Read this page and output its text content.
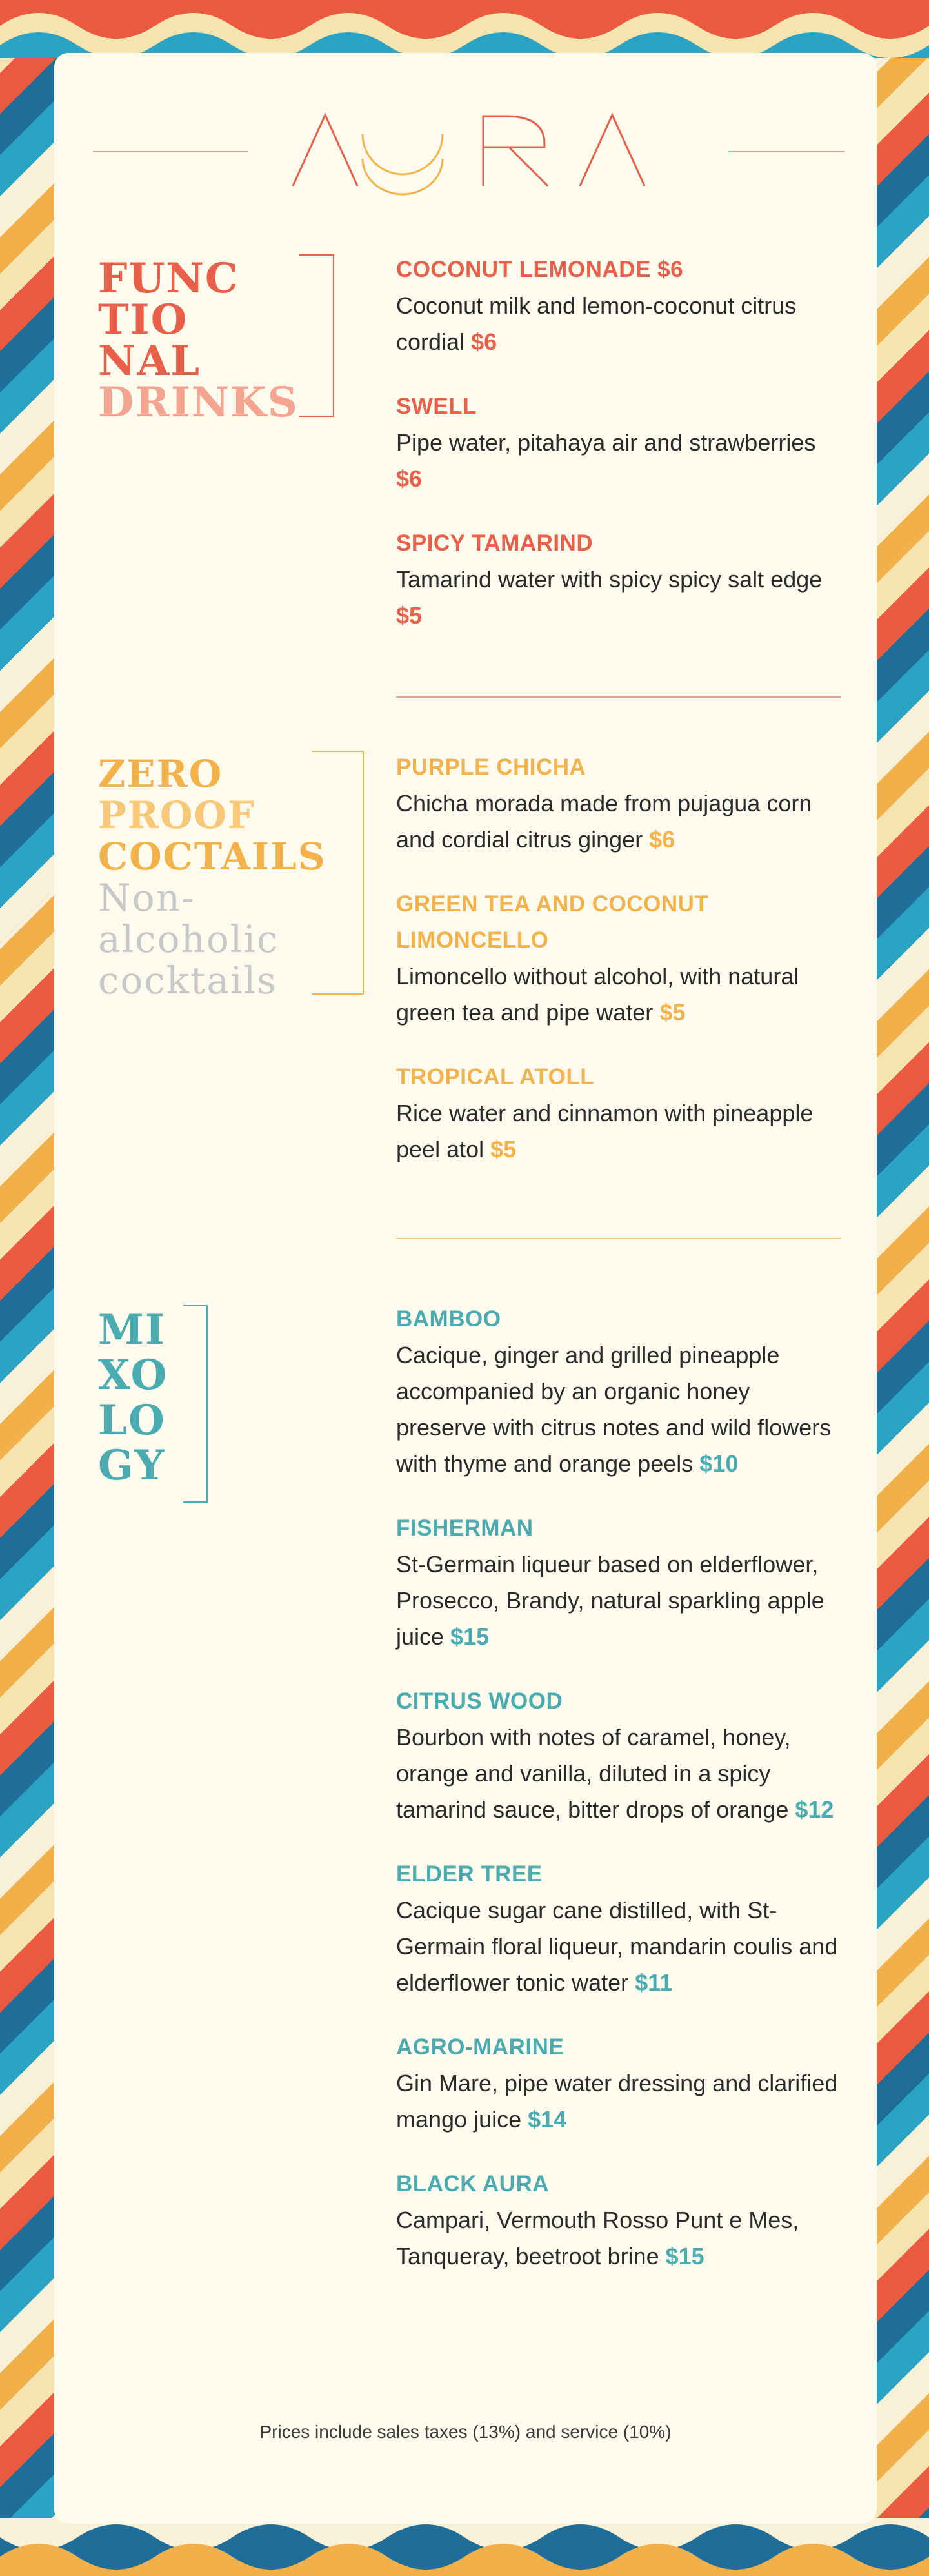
FUNC
TIO
NAL
DRINKS
COCONUT LEMONADE $6
Coconut milk and lemon-coconut citrus cordial $6
SWELL
Pipe water, pitahaya air and strawberries $6
SPICY TAMARIND
Tamarind water with spicy spicy salt edge $5
ZERO
PROOF
COCTAILS
Non-
alcoholic
cocktails
PURPLE CHICHA
Chicha morada made from pujagua corn and cordial citrus ginger $6
GREEN TEA AND COCONUT LIMONCELLO
Limoncello without alcohol, with natural green tea and pipe water $5
TROPICAL ATOLL
Rice water and cinnamon with pineapple peel atol $5
MI
XO
LO
GY
BAMBOO
Cacique, ginger and grilled pineapple accompanied by an organic honey preserve with citrus notes and wild flowers with thyme and orange peels $10
FISHERMAN
St-Germain liqueur based on elderflower, Prosecco, Brandy, natural sparkling apple juice $15
CITRUS WOOD
Bourbon with notes of caramel, honey, orange and vanilla, diluted in a spicy tamarind sauce, bitter drops of orange $12
ELDER TREE
Cacique sugar cane distilled, with St-Germain floral liqueur, mandarin coulis and elderflower tonic water $11
AGRO-MARINE
Gin Mare, pipe water dressing and clarified mango juice $14
BLACK AURA
Campari, Vermouth Rosso Punt e Mes, Tanqueray, beetroot brine $15
Prices include sales taxes (13%) and service (10%)
